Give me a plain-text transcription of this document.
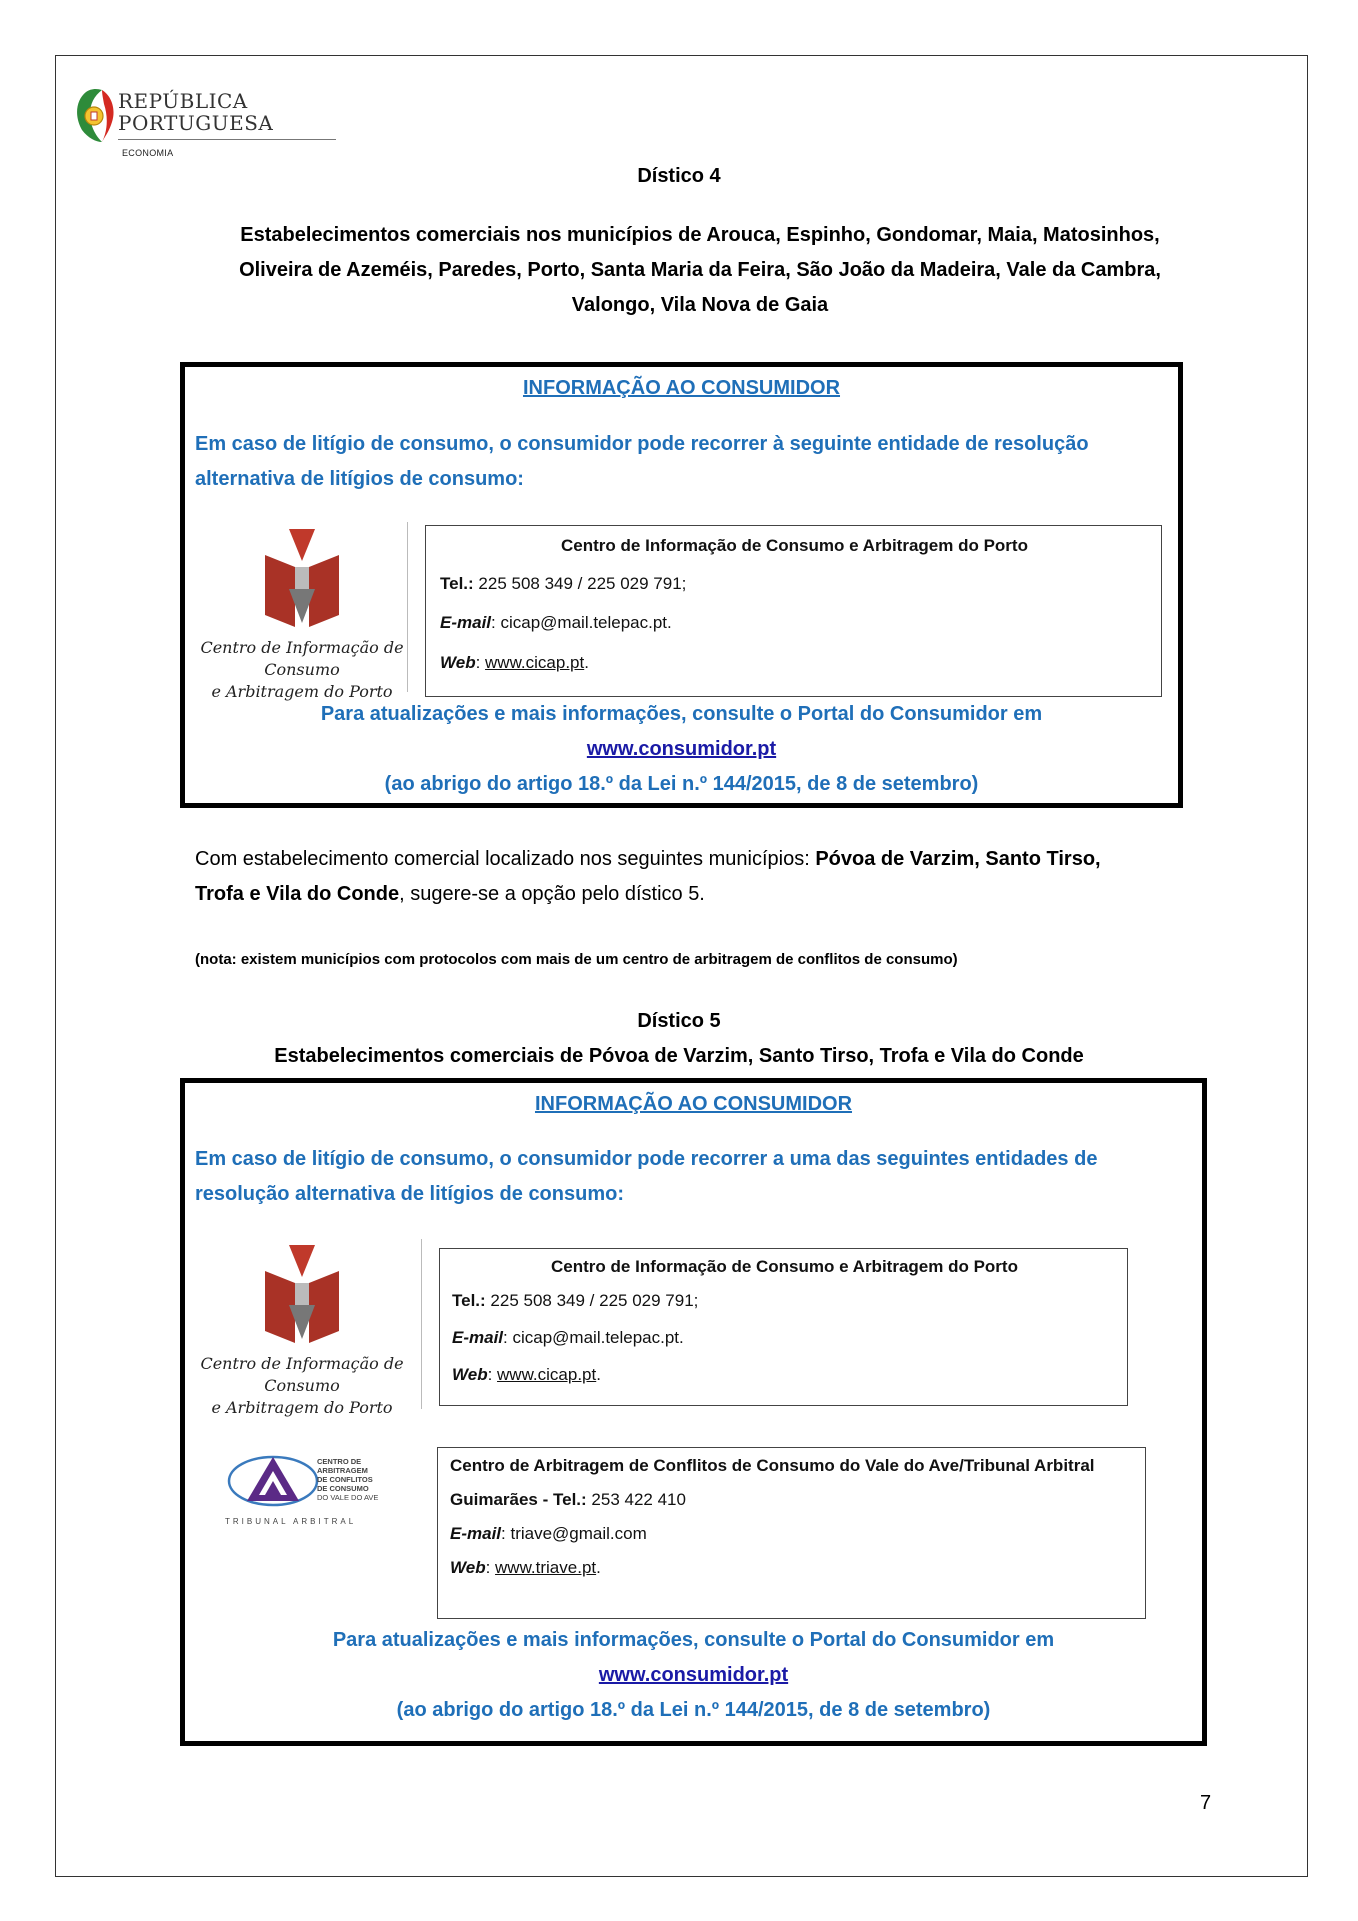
REPÚBLICA
PORTUGUESA
ECONOMIA
Dístico 4
Estabelecimentos comerciais nos municípios de Arouca, Espinho, Gondomar, Maia, Matosinhos,
Oliveira de Azeméis, Paredes, Porto, Santa Maria da Feira, São João da Madeira, Vale da Cambra,
Valongo, Vila Nova de Gaia
INFORMAÇÃO AO CONSUMIDOR
Em caso de litígio de consumo, o consumidor pode recorrer à seguinte entidade de resolução
alternativa de litígios de consumo:
Centro de Informação de Consumo
e Arbitragem do Porto
Centro de Informação de Consumo e Arbitragem do Porto
Tel.: 225 508 349 / 225 029 791;
E-mail: cicap@mail.telepac.pt.
Web: www.cicap.pt.
Para atualizações e mais informações, consulte o Portal do Consumidor em
www.consumidor.pt
(ao abrigo do artigo 18.º da Lei n.º 144/2015, de 8 de setembro)
Com estabelecimento comercial localizado nos seguintes municípios: Póvoa de Varzim, Santo Tirso,
Trofa e Vila do Conde, sugere-se a opção pelo dístico 5.
(nota: existem municípios com protocolos com mais de um centro de arbitragem de conflitos de consumo)
Dístico 5
Estabelecimentos comerciais de Póvoa de Varzim, Santo Tirso, Trofa e Vila do Conde
INFORMAÇÃO AO CONSUMIDOR
Em caso de litígio de consumo, o consumidor pode recorrer a uma das seguintes entidades de
resolução alternativa de litígios de consumo:
Centro de Informação de Consumo
e Arbitragem do Porto
Centro de Informação de Consumo e Arbitragem do Porto
Tel.: 225 508 349 / 225 029 791;
E-mail: cicap@mail.telepac.pt.
Web: www.cicap.pt.
CENTRO DE
ARBITRAGEM
DE CONFLITOS
DE CONSUMO
DO VALE DO AVE
TRIBUNAL ARBITRAL
Centro de Arbitragem de Conflitos de Consumo do Vale do Ave/Tribunal Arbitral
Guimarães - Tel.: 253 422 410
E-mail: triave@gmail.com
Web: www.triave.pt.
Para atualizações e mais informações, consulte o Portal do Consumidor em
www.consumidor.pt
(ao abrigo do artigo 18.º da Lei n.º 144/2015, de 8 de setembro)
7
